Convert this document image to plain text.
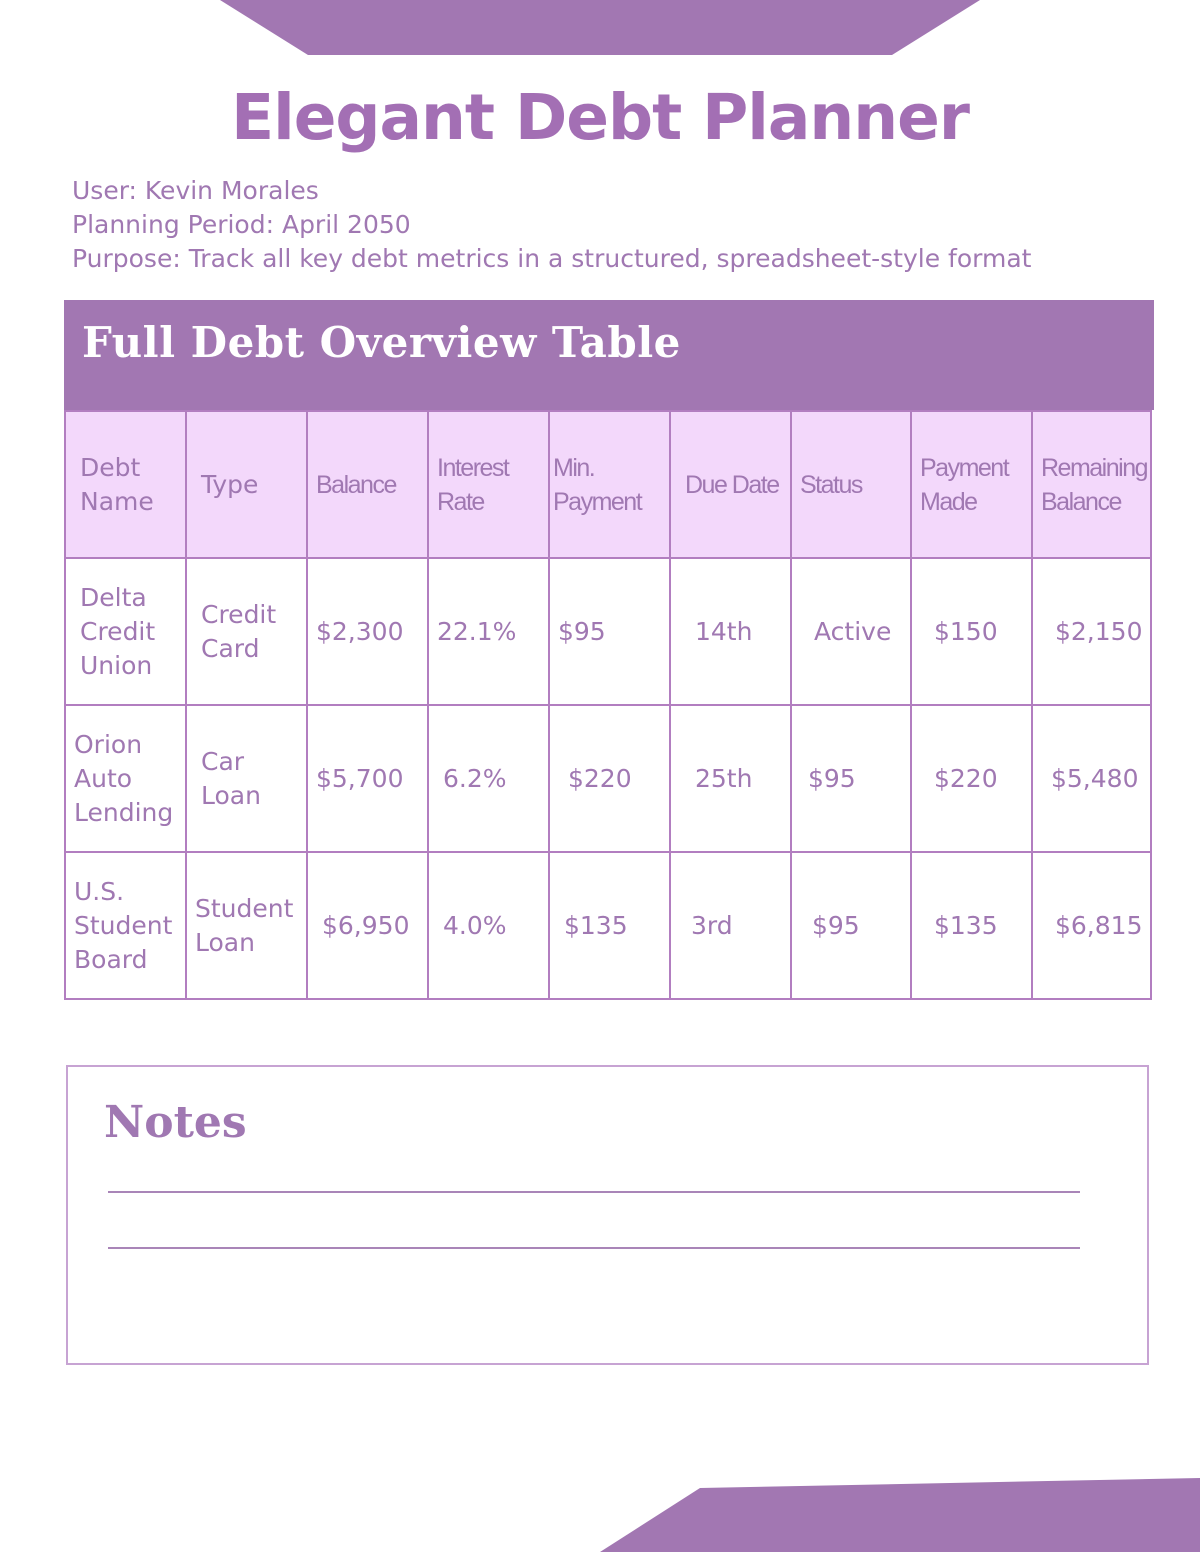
Elegant Debt Planner
User: Kevin Morales
Planning Period: April 2050
Purpose: Track all key debt metrics in a structured, spreadsheet-style format
Full Debt Overview Table
Debt Name	Type	Balance	Interest Rate	Min. Payment	Due Date	Status	Payment Made	Remaining Balance
Delta Credit Union	Credit Card	$2,300	22.1%	$95	14th	Active	$150	$2,150
Orion Auto Lending	Car Loan	$5,700	6.2%	$220	25th	$95	$220	$5,480
U.S. Student Board	Student Loan	$6,950	4.0%	$135	3rd	$95	$135	$6,815
Notes
